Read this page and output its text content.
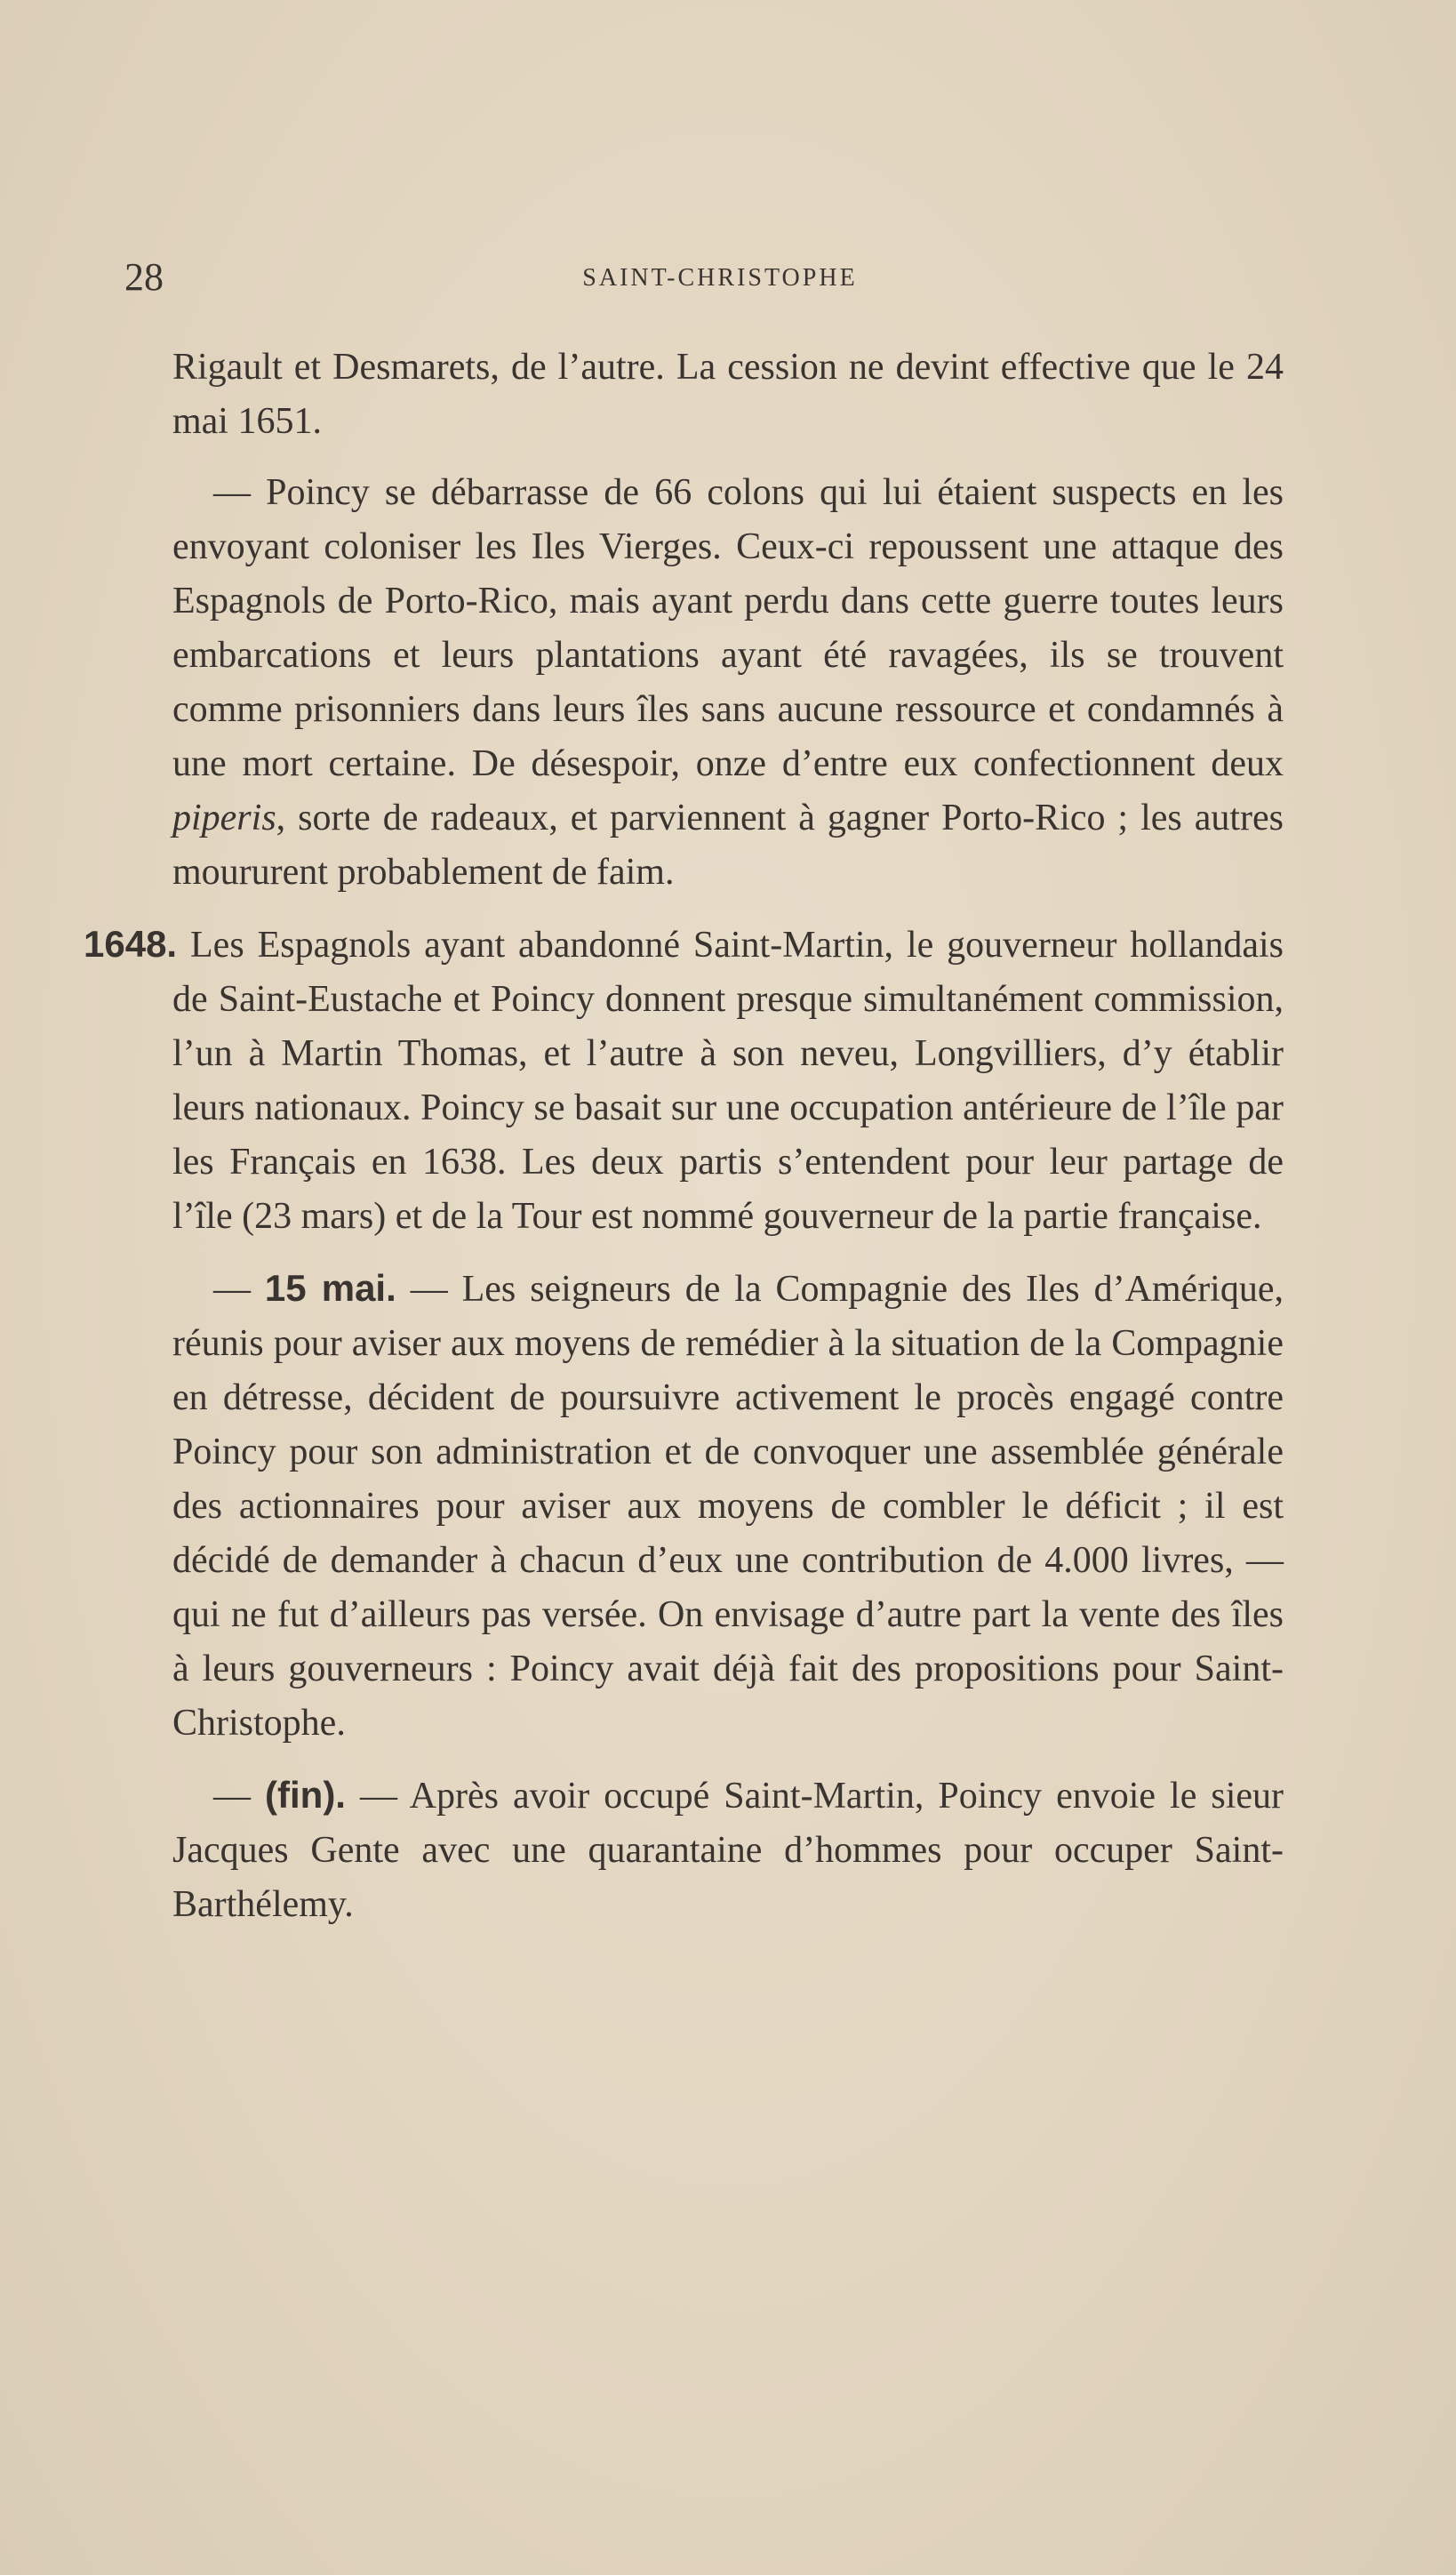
28	SAINT-CHRISTOPHE

Rigault et Desmarets, de l’autre. La cession ne devint effective que le 24 mai 1651.

— Poincy se débarrasse de 66 colons qui lui étaient suspects en les envoyant coloniser les Iles Vierges. Ceux-ci repoussent une attaque des Espagnols de Porto-Rico, mais ayant perdu dans cette guerre toutes leurs embarcations et leurs plantations ayant été ravagées, ils se trouvent comme prisonniers dans leurs îles sans aucune ressource et condamnés à une mort certaine. De désespoir, onze d’entre eux confectionnent deux piperis, sorte de radeaux, et parviennent à gagner Porto-Rico ; les autres moururent probablement de faim.

1648. Les Espagnols ayant abandonné Saint-Martin, le gouverneur hollandais de Saint-Eustache et Poincy donnent presque simultanément commission, l’un à Martin Thomas, et l’autre à son neveu, Longvilliers, d’y établir leurs nationaux. Poincy se basait sur une occupation antérieure de l’île par les Français en 1638. Les deux partis s’entendent pour leur partage de l’île (23 mars) et de la Tour est nommé gouverneur de la partie française.

— 15 mai. — Les seigneurs de la Compagnie des Iles d’Amérique, réunis pour aviser aux moyens de remédier à la situation de la Compagnie en détresse, décident de poursuivre activement le procès engagé contre Poincy pour son administration et de convoquer une assemblée générale des actionnaires pour aviser aux moyens de combler le déficit ; il est décidé de demander à chacun d’eux une contribution de 4.000 livres, — qui ne fut d’ailleurs pas versée. On envisage d’autre part la vente des îles à leurs gouverneurs : Poincy avait déjà fait des propositions pour Saint-Christophe.

— (fin). — Après avoir occupé Saint-Martin, Poincy envoie le sieur Jacques Gente avec une quarantaine d’hommes pour occuper Saint-Barthélemy.
